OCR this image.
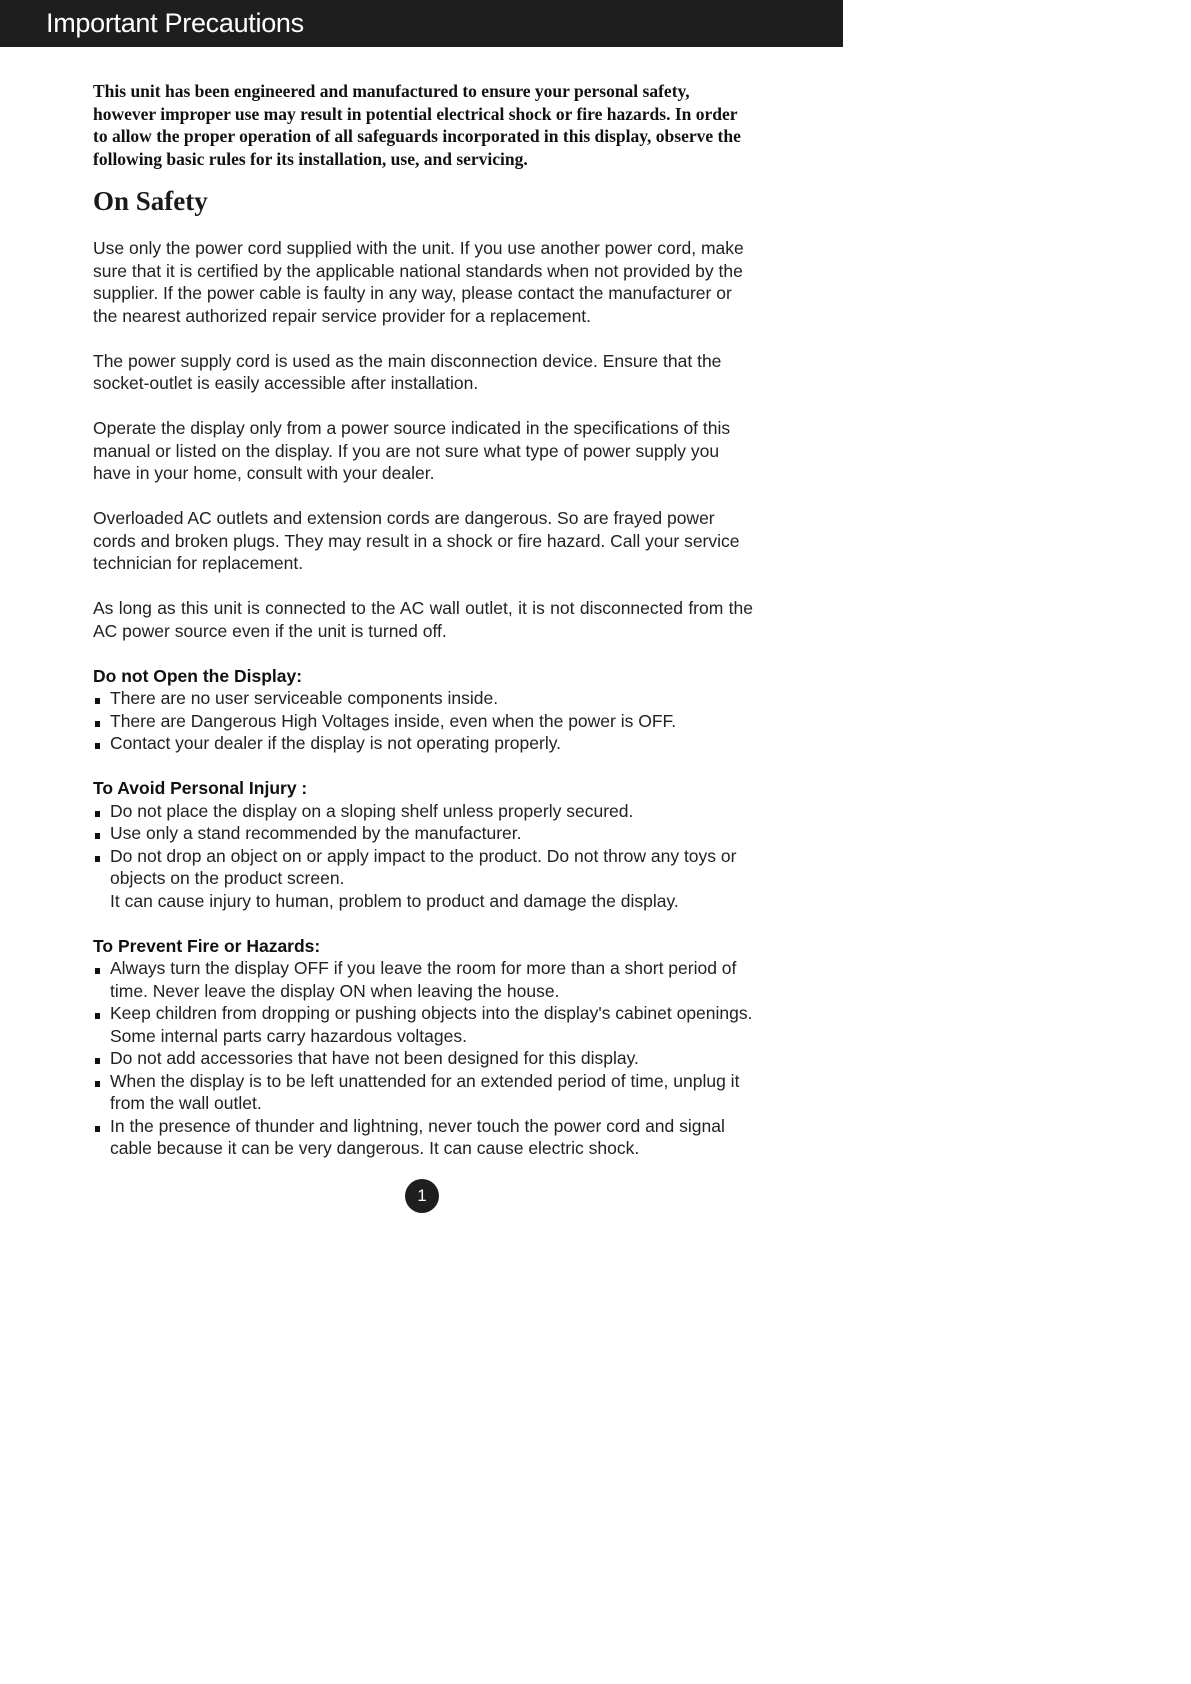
Important Precautions

This unit has been engineered and manufactured to ensure your personal safety, however improper use may result in potential electrical shock or fire hazards. In order to allow the proper operation of all safeguards incorporated in this display, observe the following basic rules for its installation, use, and servicing.

On Safety

Use only the power cord supplied with the unit. If you use another power cord, make sure that it is certified by the applicable national standards when not provided by the supplier. If the power cable is faulty in any way, please contact the manufacturer or the nearest authorized repair service provider for a replacement.

The power supply cord is used as the main disconnection device. Ensure that the socket-outlet is easily accessible after installation.

Operate the display only from a power source indicated in the specifications of this manual or listed on the display. If you are not sure what type of power supply you have in your home, consult with your dealer.

Overloaded AC outlets and extension cords are dangerous. So are frayed power cords and broken plugs. They may result in a shock or fire hazard. Call your service technician for replacement.

As long as this unit is connected to the AC wall outlet, it is not disconnected from the AC power source even if the unit is turned off.

Do not Open the Display:
There are no user serviceable components inside.
There are Dangerous High Voltages inside, even when the power is OFF.
Contact your dealer if the display is not operating properly.
To Avoid Personal Injury :
Do not place the display on a sloping shelf unless properly secured.
Use only a stand recommended by the manufacturer.
Do not drop an object on or apply impact to the product. Do not throw any toys or objects on the product screen.
It can cause injury to human, problem to product and damage the display.
To Prevent Fire or Hazards:
Always turn the display OFF if you leave the room for more than a short period of time. Never leave the display ON when leaving the house.
Keep children from dropping or pushing objects into the display's cabinet openings. Some internal parts carry hazardous voltages.
Do not add accessories that have not been designed for this display.
When the display is to be left unattended for an extended period of time, unplug it from the wall outlet.
In the presence of thunder and lightning, never touch the power cord and signal cable because it can be very dangerous. It can cause electric shock.
1
